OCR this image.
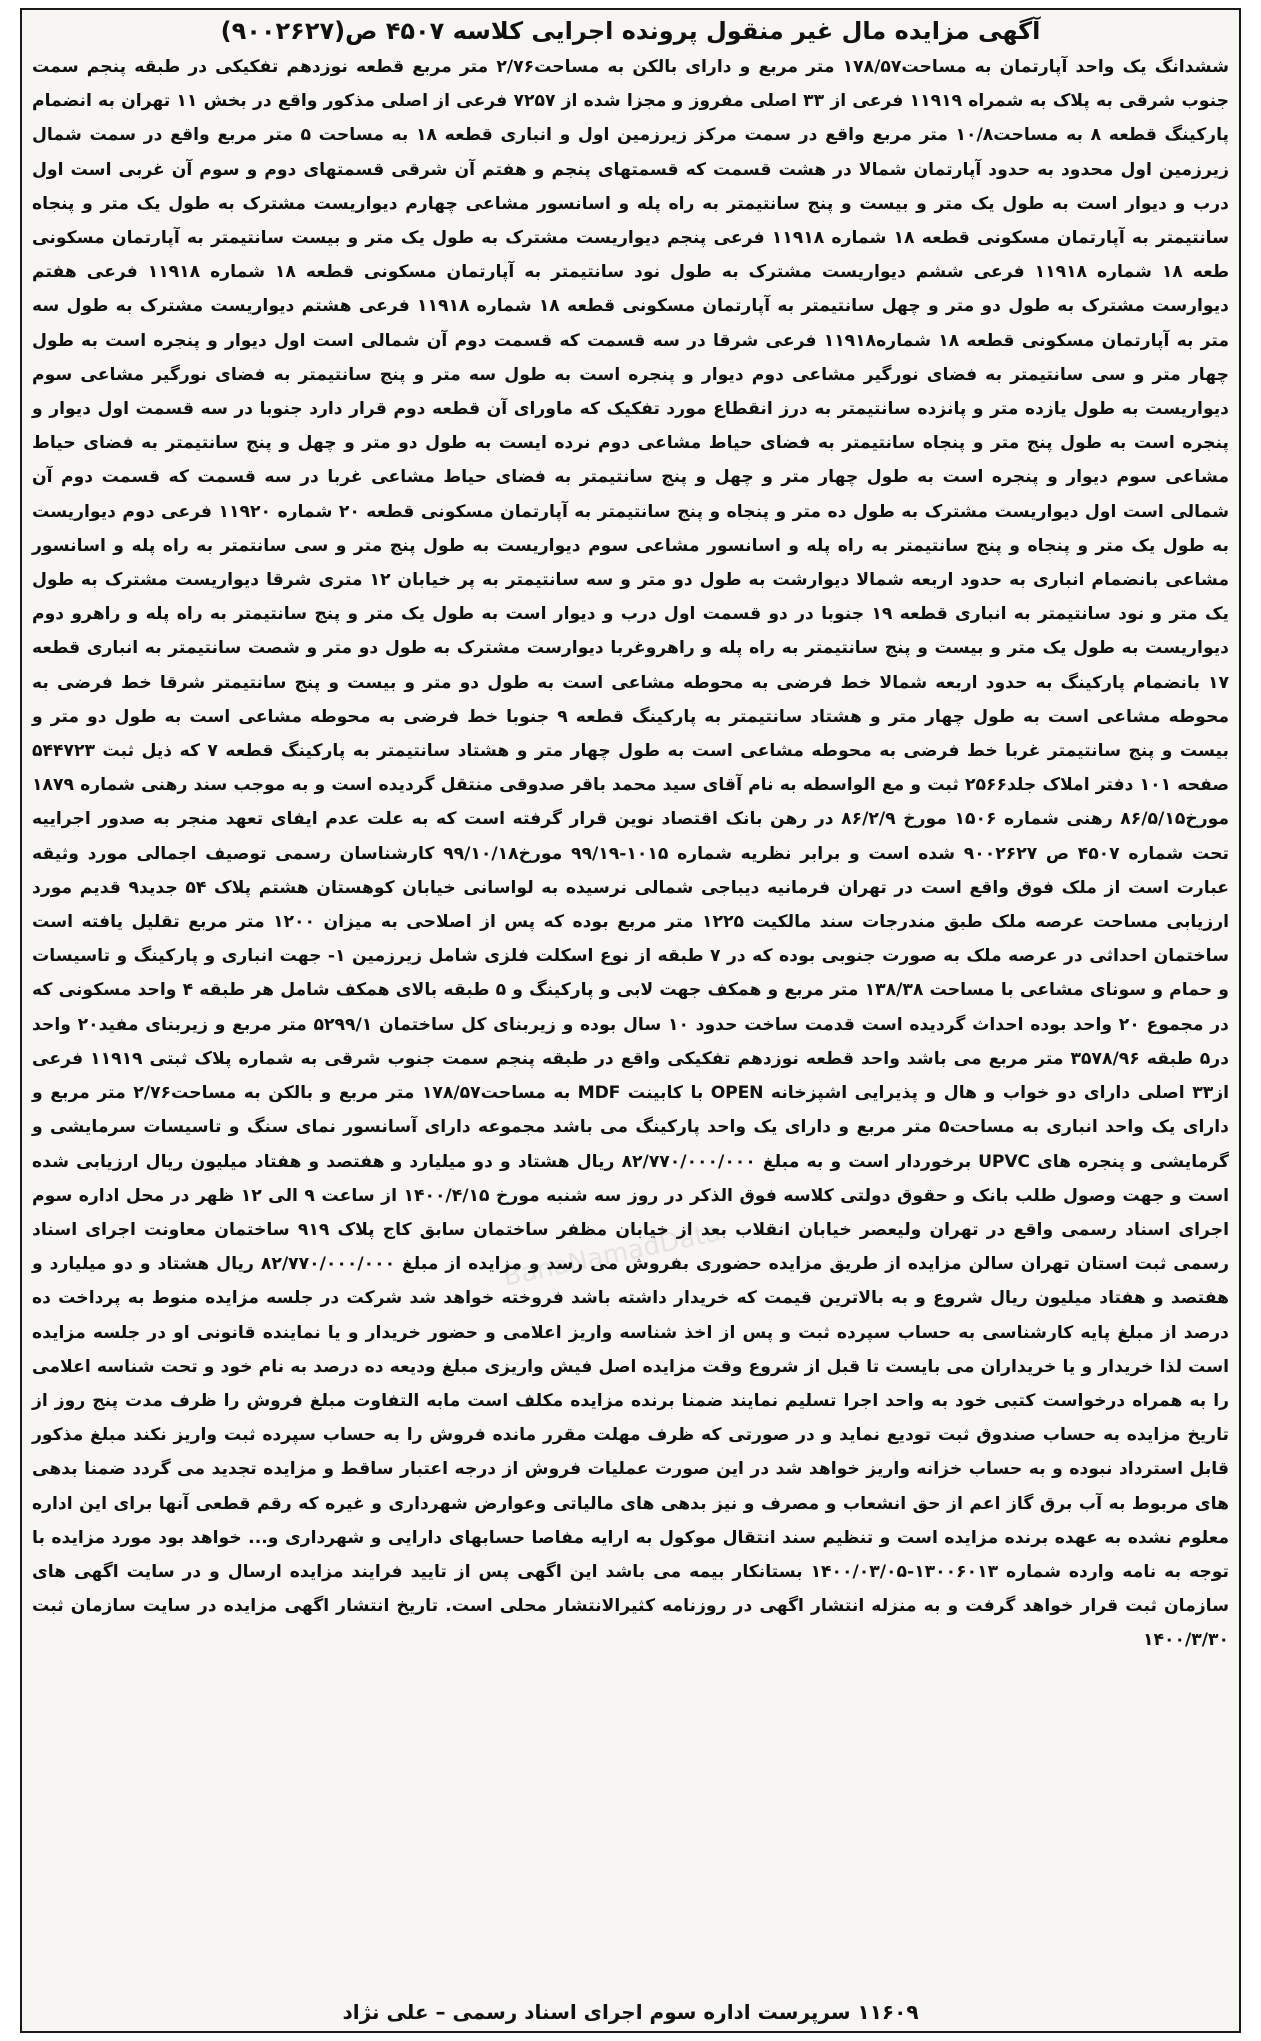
BanaNamadData
آگهی مزایده مال غیر منقول پرونده اجرایی کلاسه ۴۵۰۷ ص(۹۰۰۲۶۲۷)
ششدانگ یک واحد آپارتمان به مساحت۱۷۸/۵۷ متر مربع و دارای بالکن به مساحت۲/۷۶ متر مربع قطعه نوزدهم تفکیکی در طبقه پنجم سمت جنوب شرقی به پلاک به شمراه ۱۱۹۱۹ فرعی از ۳۳ اصلی مفروز و مجزا شده از ۷۲۵۷ فرعی از اصلی مذکور واقع در بخش ۱۱ تهران به انضمام پارکینگ قطعه ۸ به مساحت۱۰/۸ متر مربع واقع در سمت مرکز زیرزمین اول و انباری قطعه ۱۸ به مساحت ۵ متر مربع واقع در سمت شمال زیرزمین اول محدود به حدود آپارتمان شمالا در هشت قسمت که قسمتهای پنجم و هفتم آن شرقی قسمتهای دوم و سوم آن غربی است اول درب و دیوار است به طول یک متر و بیست و پنج سانتیمتر به راه پله و اسانسور مشاعی چهارم دیواریست مشترک به طول یک متر و پنجاه سانتیمتر به آپارتمان مسکونی قطعه ۱۸ شماره ۱۱۹۱۸ فرعی پنجم دیواریست مشترک به طول یک متر و بیست سانتیمتر به آپارتمان مسکونی طعه ۱۸ شماره ۱۱۹۱۸ فرعی ششم دیواریست مشترک به طول نود سانتیمتر به آپارتمان مسکونی قطعه ۱۸ شماره ۱۱۹۱۸ فرعی هفتم دیوارست مشترک به طول دو متر و چهل سانتیمتر به آپارتمان مسکونی قطعه ۱۸ شماره ۱۱۹۱۸ فرعی هشتم دیواریست مشترک به طول سه متر به آپارتمان مسکونی قطعه ۱۸ شماره۱۱۹۱۸ فرعی شرقا در سه قسمت که قسمت دوم آن شمالی است اول دیوار و پنجره است به طول چهار متر و سی سانتیمتر به فضای نورگیر مشاعی دوم دیوار و پنجره است به طول سه متر و پنج سانتیمتر به فضای نورگیر مشاعی سوم دیواریست به طول یازده متر و پانزده سانتیمتر به درز انقطاع مورد تفکیک که ماورای آن قطعه دوم قرار دارد جنوبا در سه قسمت اول دیوار و پنجره است به طول پنج متر و پنجاه سانتیمتر به فضای حیاط مشاعی دوم نرده ایست به طول دو متر و چهل و پنج سانتیمتر به فضای حیاط مشاعی سوم دیوار و پنجره است به طول چهار متر و چهل و پنج سانتیمتر به فضای حیاط مشاعی غربا در سه قسمت که قسمت دوم آن شمالی است اول دیواریست مشترک به طول ده متر و پنجاه و پنج سانتیمتر به آپارتمان مسکونی قطعه ۲۰ شماره ۱۱۹۲۰ فرعی دوم دیواریست به طول یک متر و پنجاه و پنج سانتیمتر به راه پله و اسانسور مشاعی سوم دیواریست به طول پنج متر و سی سانتمتر به راه پله و اسانسور مشاعی بانضمام انباری به حدود اربعه شمالا دیوارشت به طول دو متر و سه سانتیمتر به پر خیابان ۱۲ متری شرقا دیواریست مشترک به طول یک متر و نود سانتیمتر به انباری قطعه ۱۹ جنوبا در دو قسمت اول درب و دیوار است به طول یک متر و پنج سانتیمتر به راه پله و راهرو دوم دیواریست به طول یک متر و بیست و پنج سانتیمتر به راه پله و راهروغربا دیوارست مشترک به طول دو متر و شصت سانتیمتر به انباری قطعه ۱۷ بانضمام پارکینگ به حدود اربعه شمالا خط فرضی به محوطه مشاعی است به طول دو متر و بیست و پنج سانتیمتر شرقا خط فرضی به محوطه مشاعی است به طول چهار متر و هشتاد سانتیمتر به پارکینگ قطعه ۹ جنوبا خط فرضی به محوطه مشاعی است به طول دو متر و بیست و پنج سانتیمتر غربا خط فرضی به محوطه مشاعی است به طول چهار متر و هشتاد سانتیمتر به پارکینگ قطعه ۷ که ذیل ثبت ۵۴۴۷۲۳ صفحه ۱۰۱ دفتر املاک جلد۲۵۶۶ ثبت و مع الواسطه به نام آقای سید محمد باقر صدوقی منتقل گردیده است و به موجب سند رهنی شماره ۱۸۷۹ مورخ۸۶/۵/۱۵ رهنی شماره ۱۵۰۶ مورخ ۸۶/۲/۹ در رهن بانک اقتصاد نوین قرار گرفته است که به علت عدم ایفای تعهد منجر به صدور اجراییه تحت شماره ۴۵۰۷ ص ۹۰۰۲۶۲۷ شده است و برابر نظریه شماره ۱۰۱۵-۹۹/۱۹ مورخ۹۹/۱۰/۱۸ کارشناسان رسمی توصیف اجمالی مورد وثیقه عبارت است از ملک فوق واقع است در تهران فرمانیه دیباجی شمالی نرسیده به لواسانی خیابان کوهستان هشتم پلاک ۵۴ جدید۹ قدیم مورد ارزیابی مساحت عرصه ملک طبق مندرجات سند مالکیت ۱۲۲۵ متر مربع بوده که پس از اصلاحی به میزان ۱۲۰۰ متر مربع تقلیل یافته است ساختمان احداثی در عرصه ملک به صورت جنوبی بوده که در ۷ طبقه از نوع اسکلت فلزی شامل زیرزمین ۱- جهت انباری و پارکینگ و تاسیسات و حمام و سونای مشاعی با مساحت ۱۳۸/۳۸ متر مربع و همکف جهت لابی و پارکینگ و ۵ طبقه بالای همکف شامل هر طبقه ۴ واحد مسکونی که در مجموع ۲۰ واحد بوده احداث گردیده است قدمت ساخت حدود ۱۰ سال بوده و زیربنای کل ساختمان ۵۲۹۹/۱ متر مربع و زیربنای مفید۲۰ واحد در۵ طبقه ۳۵۷۸/۹۶ متر مربع می باشد واحد قطعه نوزدهم تفکیکی واقع در طبقه پنجم سمت جنوب شرقی به شماره پلاک ثبتی ۱۱۹۱۹ فرعی از۳۳ اصلی دارای دو خواب و هال و پذیرایی اشپزخانه OPEN با کابینت MDF به مساحت۱۷۸/۵۷ متر مربع و بالکن به مساحت۲/۷۶ متر مربع و دارای یک واحد انباری به مساحت۵ متر مربع و دارای یک واحد پارکینگ می باشد مجموعه دارای آسانسور نمای سنگ و تاسیسات سرمایشی و گرمایشی و پنجره های UPVC برخوردار است و به مبلغ ۸۲/۷۷۰/۰۰۰/۰۰۰ ریال هشتاد و دو میلیارد و هفتصد و هفتاد میلیون ریال ارزیابی شده است و جهت وصول طلب بانک و حقوق دولتی کلاسه فوق الذکر در روز سه شنبه مورخ ۱۴۰۰/۴/۱۵ از ساعت ۹ الی ۱۲ ظهر در محل اداره سوم اجرای اسناد رسمی واقع در تهران ولیعصر خیابان انقلاب بعد از خیابان مظفر ساختمان سابق کاج پلاک ۹۱۹ ساختمان معاونت اجرای اسناد رسمی ثبت استان تهران سالن مزایده از طریق مزایده حضوری بفروش می رسد و مزایده از مبلغ ۸۲/۷۷۰/۰۰۰/۰۰۰ ریال هشتاد و دو میلیارد و هفتصد و هفتاد میلیون ریال شروع و به بالاترین قیمت که خریدار داشته باشد فروخته خواهد شد شرکت در جلسه مزایده منوط به پرداخت ده درصد از مبلغ پایه کارشناسی به حساب سپرده ثبت و پس از اخذ شناسه واریز اعلامی و حضور خریدار و یا نماینده قانونی او در جلسه مزایده است لذا خریدار و یا خریداران می بایست تا قبل از شروع وقت مزایده اصل فیش واریزی مبلغ ودیعه ده درصد به نام خود و تحت شناسه اعلامی را به همراه درخواست کتبی خود به واحد اجرا تسلیم نمایند ضمنا برنده مزایده مکلف است مابه التفاوت مبلغ فروش را ظرف مدت پنج روز از تاریخ مزایده به حساب صندوق ثبت تودیع نماید و در صورتی که ظرف مهلت مقرر مانده فروش را به حساب سپرده ثبت واریز نکند مبلغ مذکور قابل استرداد نبوده و به حساب خزانه واریز خواهد شد در این صورت عملیات فروش از درجه اعتبار ساقط و مزایده تجدید می گردد ضمنا بدهی های مربوط به آب برق گاز اعم از حق انشعاب و مصرف و نیز بدهی های مالیاتی وعوارض شهرداری و غیره که رقم قطعی آنها برای این اداره معلوم نشده به عهده برنده مزایده است و تنظیم سند انتقال موکول به ارایه مفاصا حسابهای دارایی و شهرداری و... خواهد بود مورد مزایده با توجه به نامه وارده شماره ۱۳۰۰۶۰۱۳-۱۴۰۰/۰۳/۰۵ بستانکار بیمه می باشد این اگهی پس از تایید فرایند مزایده ارسال و در سایت اگهی های سازمان ثبت قرار خواهد گرفت و به منزله انتشار اگهی در روزنامه کثیرالانتشار محلی است. تاریخ انتشار اگهی مزایده در سایت سازمان ثبت ۱۴۰۰/۳/۳۰
۱۱۶۰۹ سرپرست اداره سوم اجرای اسناد رسمی – علی نژاد
